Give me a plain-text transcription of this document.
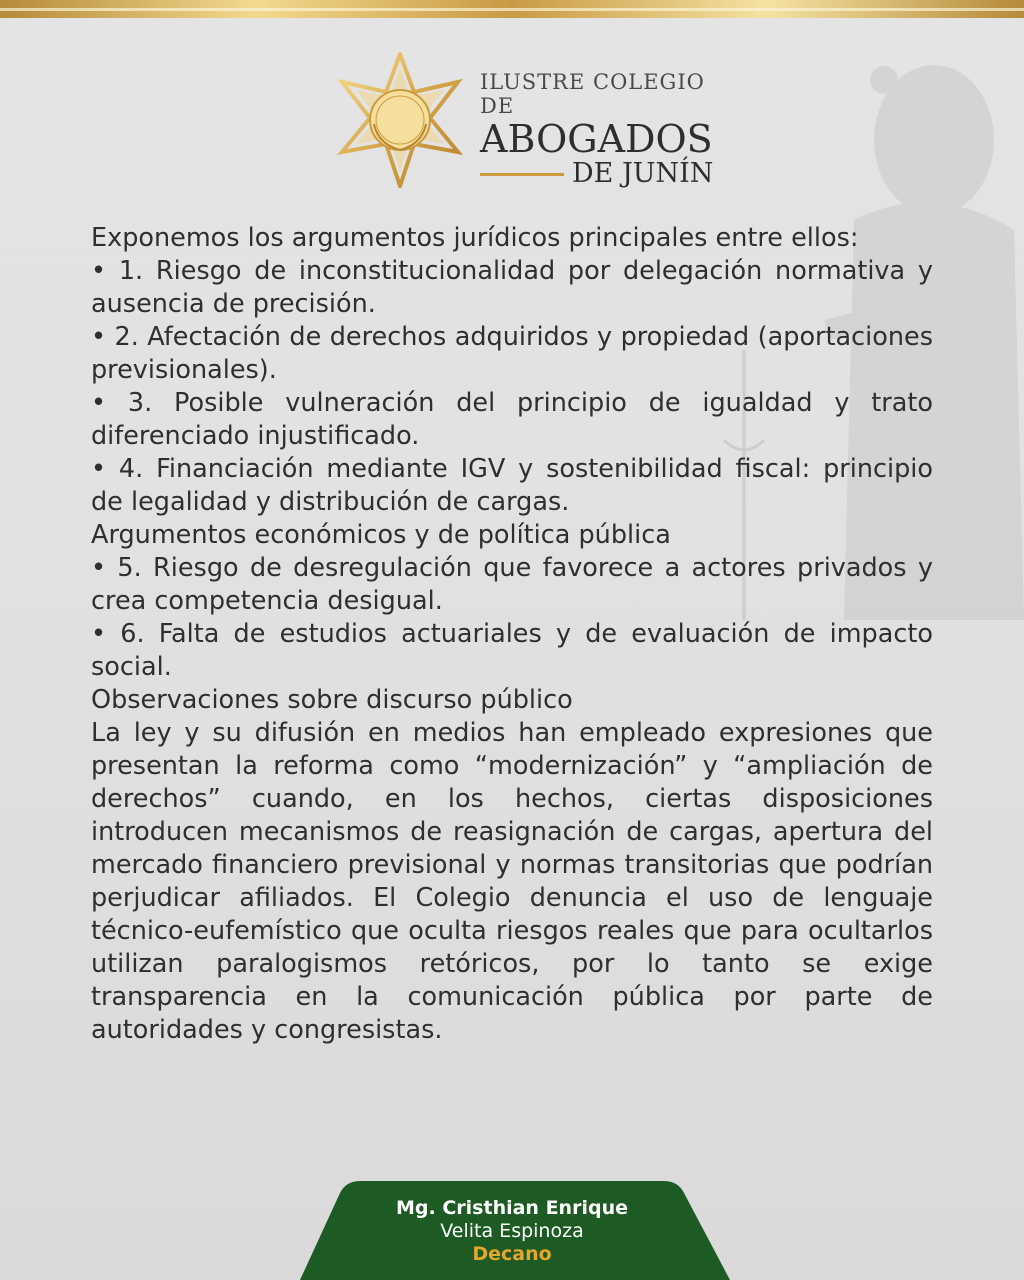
ILUSTRE COLEGIO DE
ABOGADOS
DE JUNÍN

Exponemos los argumentos jurídicos principales entre ellos:

• 1. Riesgo de inconstitucionalidad por delegación normativa y ausencia de precisión.

• 2. Afectación de derechos adquiridos y propiedad (aportaciones previsionales).

• 3. Posible vulneración del principio de igualdad y trato diferenciado injustificado.

• 4. Financiación mediante IGV y sostenibilidad fiscal: principio de legalidad y distribución de cargas.

Argumentos económicos y de política pública

• 5. Riesgo de desregulación que favorece a actores privados y crea competencia desigual.

• 6. Falta de estudios actuariales y de evaluación de impacto social.

Observaciones sobre discurso público

La ley y su difusión en medios han empleado expresiones que presentan la reforma como “modernización” y “ampliación de derechos” cuando, en los hechos, ciertas disposiciones introducen mecanismos de reasignación de cargas, apertura del mercado financiero previsional y normas transitorias que podrían perjudicar afiliados. El Colegio denuncia el uso de lenguaje técnico-eufemístico que oculta riesgos reales que para ocultarlos utilizan paralogismos retóricos, por lo tanto se exige transparencia en la comunicación pública por parte de autoridades y congresistas.

Mg. Cristhian Enrique
Velita Espinoza
Decano
